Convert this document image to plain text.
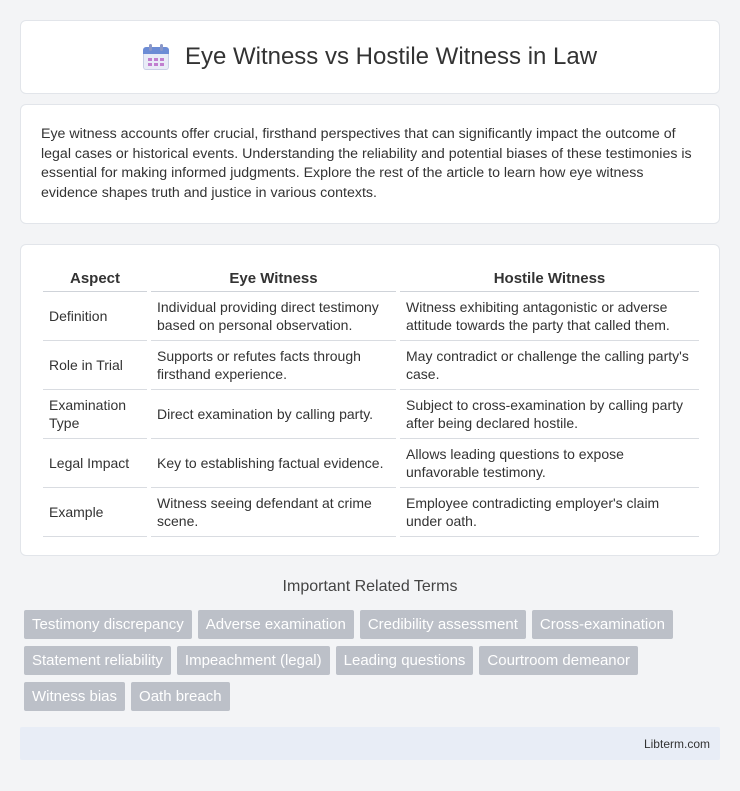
Eye Witness vs Hostile Witness in Law

Eye witness accounts offer crucial, firsthand perspectives that can significantly impact the outcome of legal cases or historical events. Understanding the reliability and potential biases of these testimonies is essential for making informed judgments. Explore the rest of the article to learn how eye witness evidence shapes truth and justice in various contexts.

Aspect	Eye Witness	Hostile Witness
Definition	Individual providing direct testimony based on personal observation.	Witness exhibiting antagonistic or adverse attitude towards the party that called them.
Role in Trial	Supports or refutes facts through firsthand experience.	May contradict or challenge the calling party's case.
Examination Type	Direct examination by calling party.	Subject to cross-examination by calling party after being declared hostile.
Legal Impact	Key to establishing factual evidence.	Allows leading questions to expose unfavorable testimony.
Example	Witness seeing defendant at crime scene.	Employee contradicting employer's claim under oath.
Important Related Terms
Testimony discrepancy	Adverse examination	Credibility assessment	Cross-examination
Statement reliability	Impeachment (legal)	Leading questions	Courtroom demeanor
Witness bias	Oath breach
Libterm.com
